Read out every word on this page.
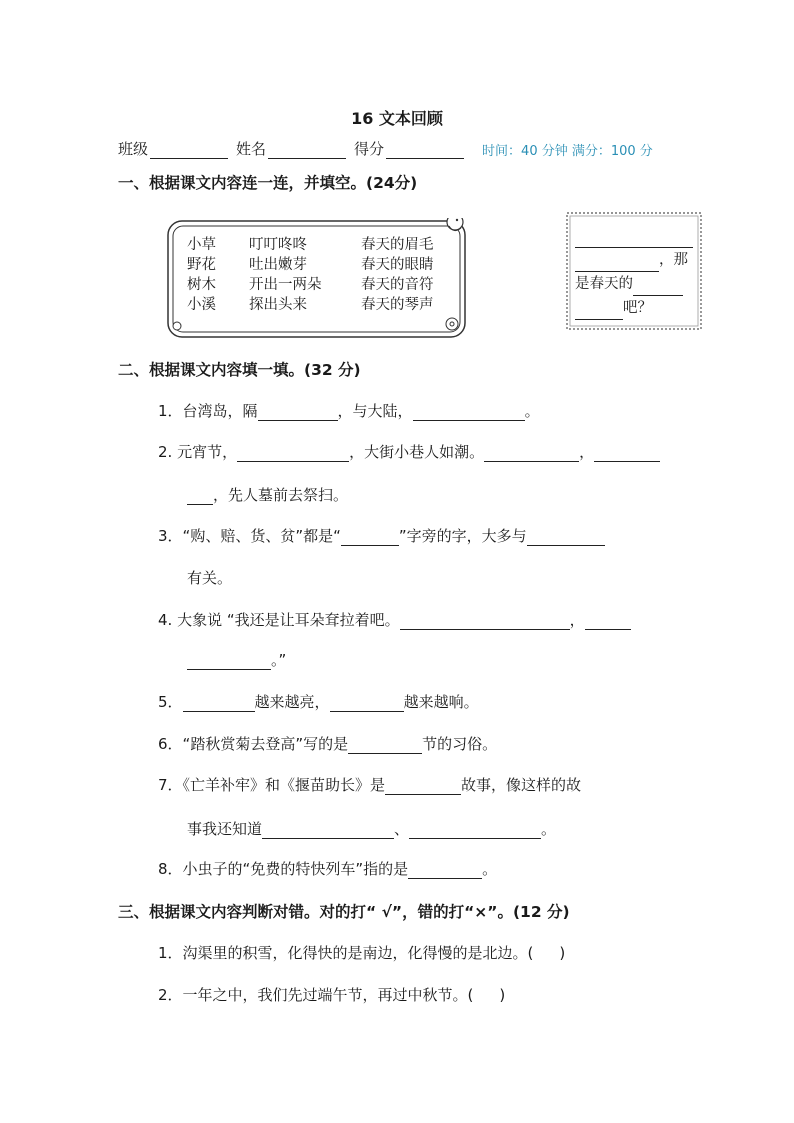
16 文本回顾
班级	姓名	得分	时间：40 分钟 满分：100 分
一、根据课文内容连一连，并填空。(24分)
小草	叮叮咚咚	春天的眉毛
野花	吐出嫩芽	春天的眼睛
树木	开出一两朵	春天的音符
小溪	探出头来	春天的琴声
，那
是春天的
吧？
二、根据课文内容填一填。(32 分)
1．台湾岛，隔	，与大陆，	。
2. 元宵节，	，大街小巷人如潮。	，
，先人墓前去祭扫。
3．“购、赔、货、贫”都是“	”字旁的字，大多与
有关。
4. 大象说 “我还是让耳朵耷拉着吧。	，
。”
5．	越来越亮，	越来越响。
6．“踏秋赏菊去登高”写的是	节的习俗。
7．《亡羊补牢》和《揠苗助长》是	故事，像这样的故
事我还知道	、	。
8．小虫子的“免费的特快列车”指的是	。
三、根据课文内容判断对错。对的打“ √”，错的打“×”。(12 分)
1．沟渠里的积雪，化得快的是南边，化得慢的是北边。( )
2．一年之中，我们先过端午节，再过中秋节。( )
